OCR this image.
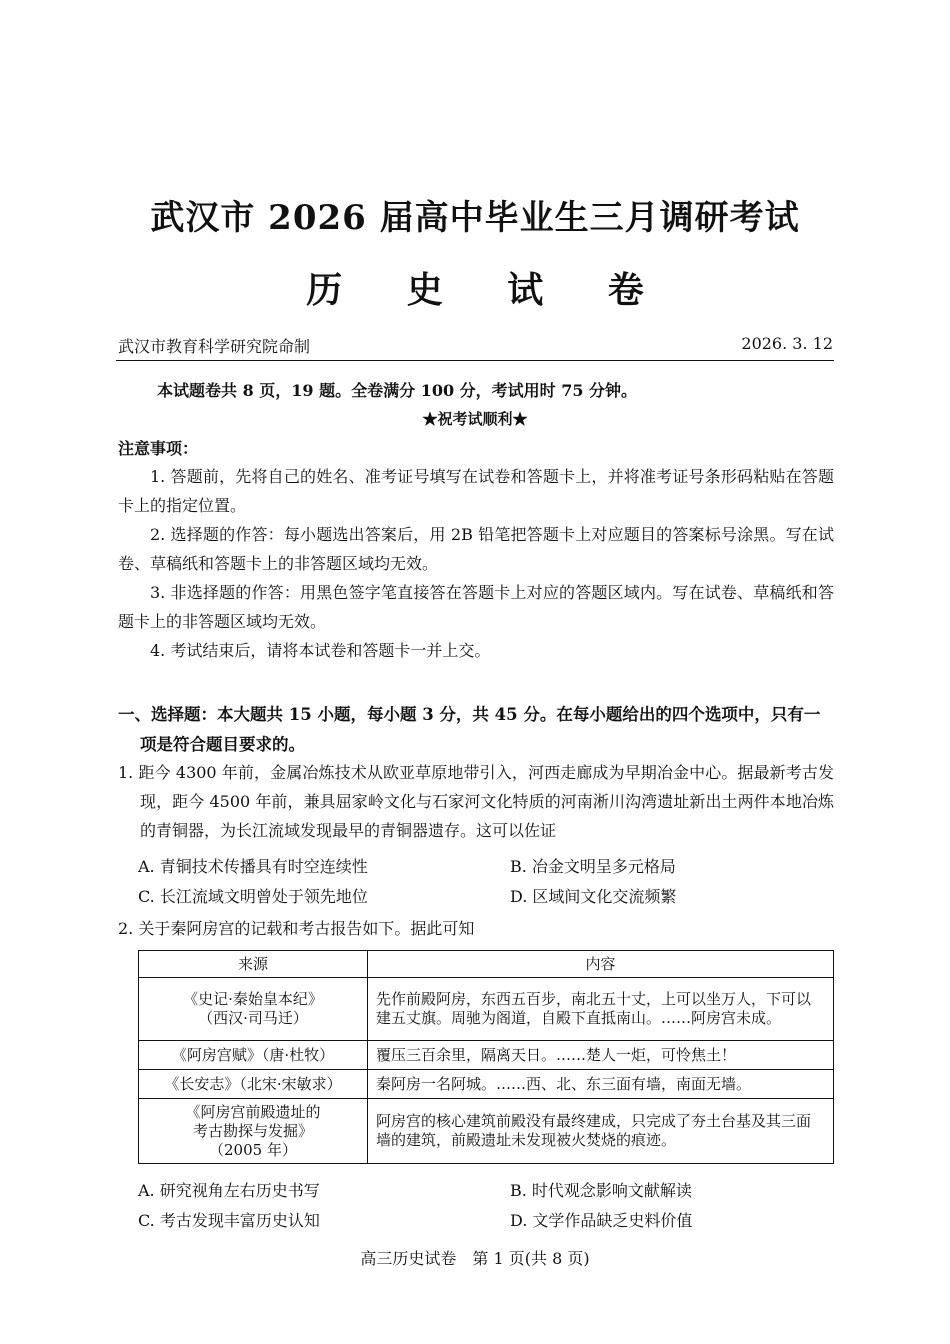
武汉市 2026 届高中毕业生三月调研考试
历 史 试 卷
武汉市教育科学研究院命制	2026. 3. 12
本试题卷共 8 页，19 题。全卷满分 100 分，考试用时 75 分钟。
★祝考试顺利★
注意事项：
1. 答题前，先将自己的姓名、准考证号填写在试卷和答题卡上，并将准考证号条形码粘贴在答题卡上的指定位置。
2. 选择题的作答：每小题选出答案后，用 2B 铅笔把答题卡上对应题目的答案标号涂黑。写在试卷、草稿纸和答题卡上的非答题区域均无效。
3. 非选择题的作答：用黑色签字笔直接答在答题卡上对应的答题区域内。写在试卷、草稿纸和答题卡上的非答题区域均无效。
4. 考试结束后，请将本试卷和答题卡一并上交。
一、选择题：本大题共 15 小题，每小题 3 分，共 45 分。在每小题给出的四个选项中，只有一项是符合题目要求的。
1. 距今 4300 年前，金属冶炼技术从欧亚草原地带引入，河西走廊成为早期冶金中心。据最新考古发现，距今 4500 年前，兼具屈家岭文化与石家河文化特质的河南淅川沟湾遗址新出土两件本地冶炼的青铜器，为长江流域发现最早的青铜器遗存。这可以佐证
A. 青铜技术传播具有时空连续性	B. 冶金文明呈多元格局
C. 长江流域文明曾处于领先地位	D. 区域间文化交流频繁
2. 关于秦阿房宫的记载和考古报告如下。据此可知
来源	内容
《史记·秦始皇本纪》
（西汉·司马迁）	先作前殿阿房，东西五百步，南北五十丈，上可以坐万人，下可以建五丈旗。周驰为阁道，自殿下直抵南山。……阿房宫未成。
《阿房宫赋》（唐·杜牧）	覆压三百余里，隔离天日。……楚人一炬，可怜焦土！
《长安志》（北宋·宋敏求）	秦阿房一名阿城。……西、北、东三面有墙，南面无墙。
《阿房宫前殿遗址的
考古勘探与发掘》
（2005 年）	阿房宫的核心建筑前殿没有最终建成，只完成了夯土台基及其三面墙的建筑，前殿遗址未发现被火焚烧的痕迹。
A. 研究视角左右历史书写	B. 时代观念影响文献解读
C. 考古发现丰富历史认知	D. 文学作品缺乏史料价值
高三历史试卷　第 1 页(共 8 页)
